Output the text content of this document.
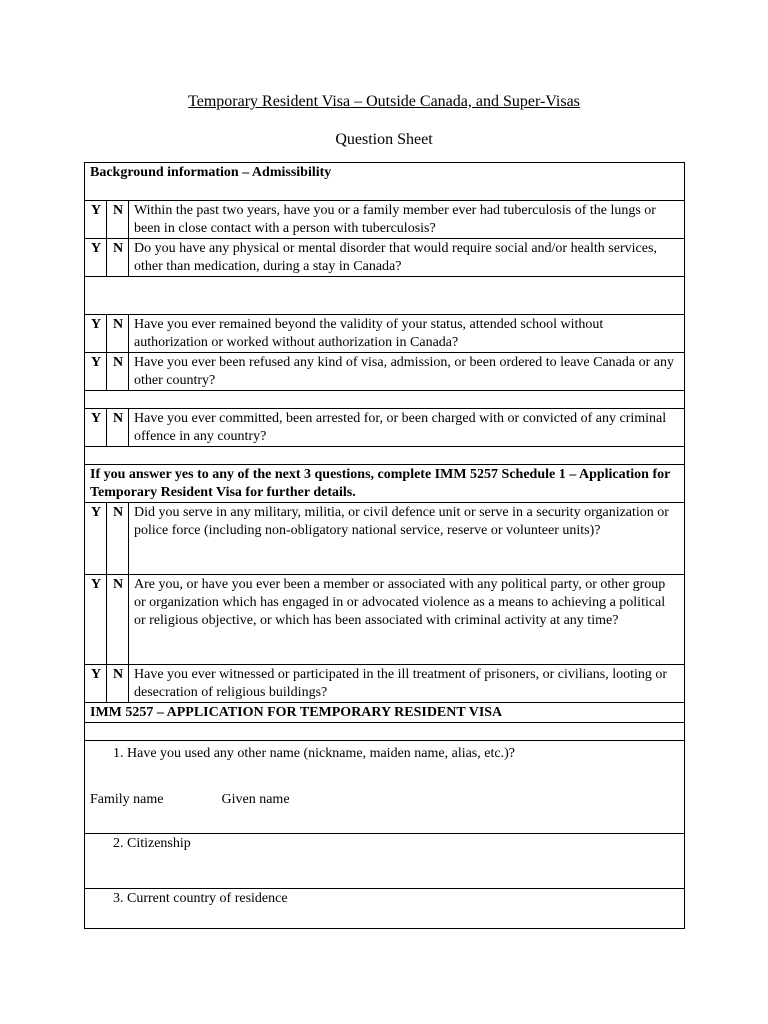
Temporary Resident Visa – Outside Canada, and Super-Visas
Question Sheet
Background information – Admissibility		
Y	N	Within the past two years, have you or a family member ever had tuberculosis of the lungs or been in close contact with a person with tuberculosis?
Y	N	Do you have any physical or mental disorder that would require social and/or health services, other than medication, during a stay in Canada?

Y	N	Have you ever remained beyond the validity of your status, attended school without authorization or worked without authorization in Canada?
Y	N	Have you ever been refused any kind of visa, admission, or been ordered to leave Canada or any other country?

Y	N	Have you ever committed, been arrested for, or been charged with or convicted of any criminal offence in any country?

If you answer yes to any of the next 3 questions, complete IMM 5257 Schedule 1 – Application for Temporary Resident Visa for further details.		
Y	N	Did you serve in any military, militia, or civil defence unit or serve in a security organization or police force (including non-obligatory national service, reserve or volunteer units)?
Y	N	Are you, or have you ever been a member or associated with any political party, or other group or organization which has engaged in or advocated violence as a means to achieving a political or religious objective, or which has been associated with criminal activity at any time?
Y	N	Have you ever witnessed or participated in the ill treatment of prisoners, or civilians, looting or desecration of religious buildings?
IMM 5257 – APPLICATION FOR TEMPORARY RESIDENT VISA		

1. Have you used any other name (nickname, maiden name, alias, etc.)?
Family name Given name		

2. Citizenship		

3. Current country of residence		
